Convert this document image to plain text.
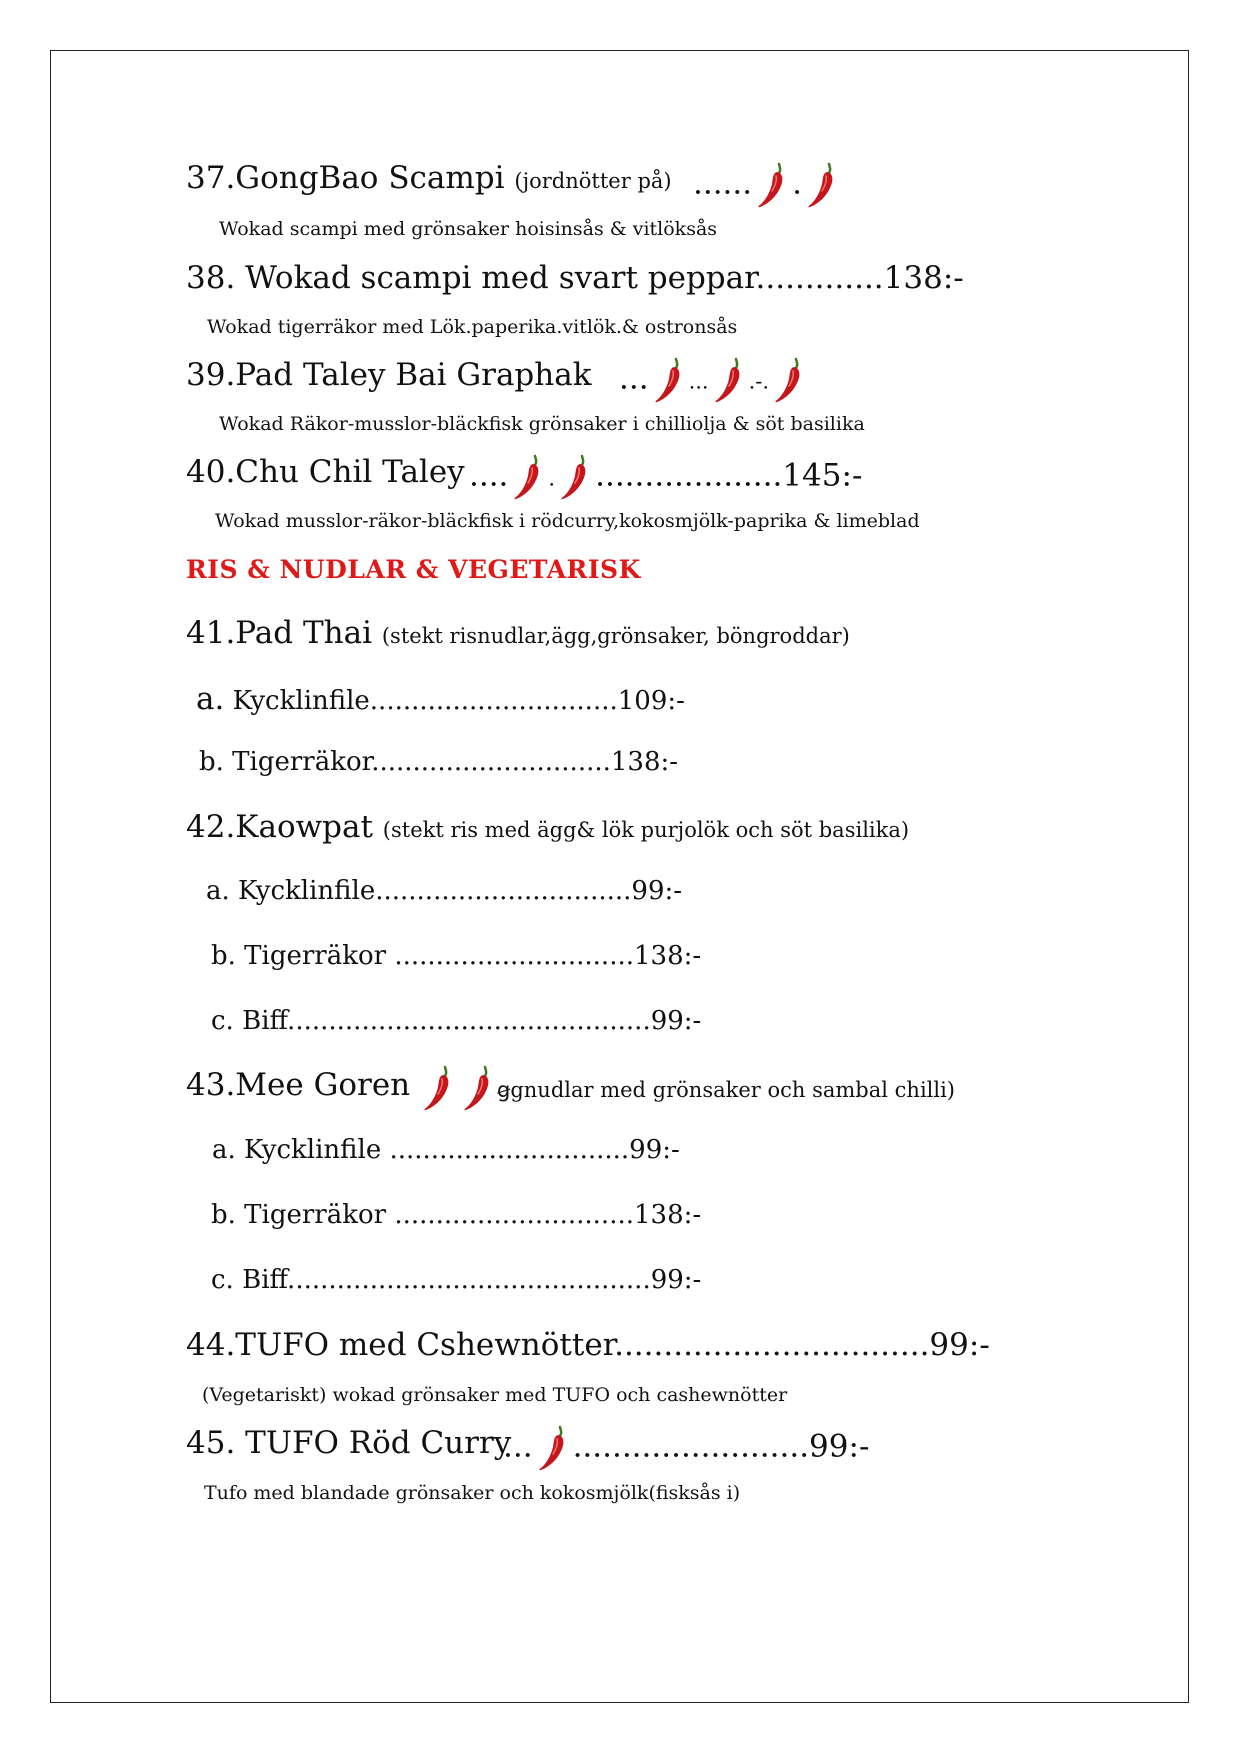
37.GongBao Scampi (jordnötter på) ...... .
Wokad scampi med grönsaker hoisinsås & vitlöksås
38. Wokad scampi med svart peppar.............138:-
Wokad tigerräkor med Lök.paperika.vitlök.& ostronsås
39.Pad Taley Bai Graphak ... ... .-.
Wokad Räkor-musslor-bläckfisk grönsaker i chilliolja & söt basilika
40.Chu Chil Taley .... . ...................145:-
Wokad musslor-räkor-bläckfisk i rödcurry,kokosmjölk-paprika & limeblad
RIS & NUDLAR & VEGETARISK
41.Pad Thai (stekt risnudlar,ägg,grönsaker, böngroddar)
a. Kycklinfile..............................109:-
b. Tigerräkor.............................138:-
42.Kaowpat (stekt ris med ägg& lök purjolök och söt basilika)
a. Kycklinfile...............................99:-
b. Tigerräkor .............................138:-
c. Biff............................................99:-
43.Mee Goren	ꞡgnudlar med grönsaker och sambal chilli)
a. Kycklinfile .............................99:-
b. Tigerräkor .............................138:-
c. Biff............................................99:-
44.TUFO med Cshewnötter................................99:-
(Vegetariskt) wokad grönsaker med TUFO och cashewnötter
45. TUFO Röd Curry
... ........................99:-
Tufo med blandade grönsaker och kokosmjölk(fisksås i)
